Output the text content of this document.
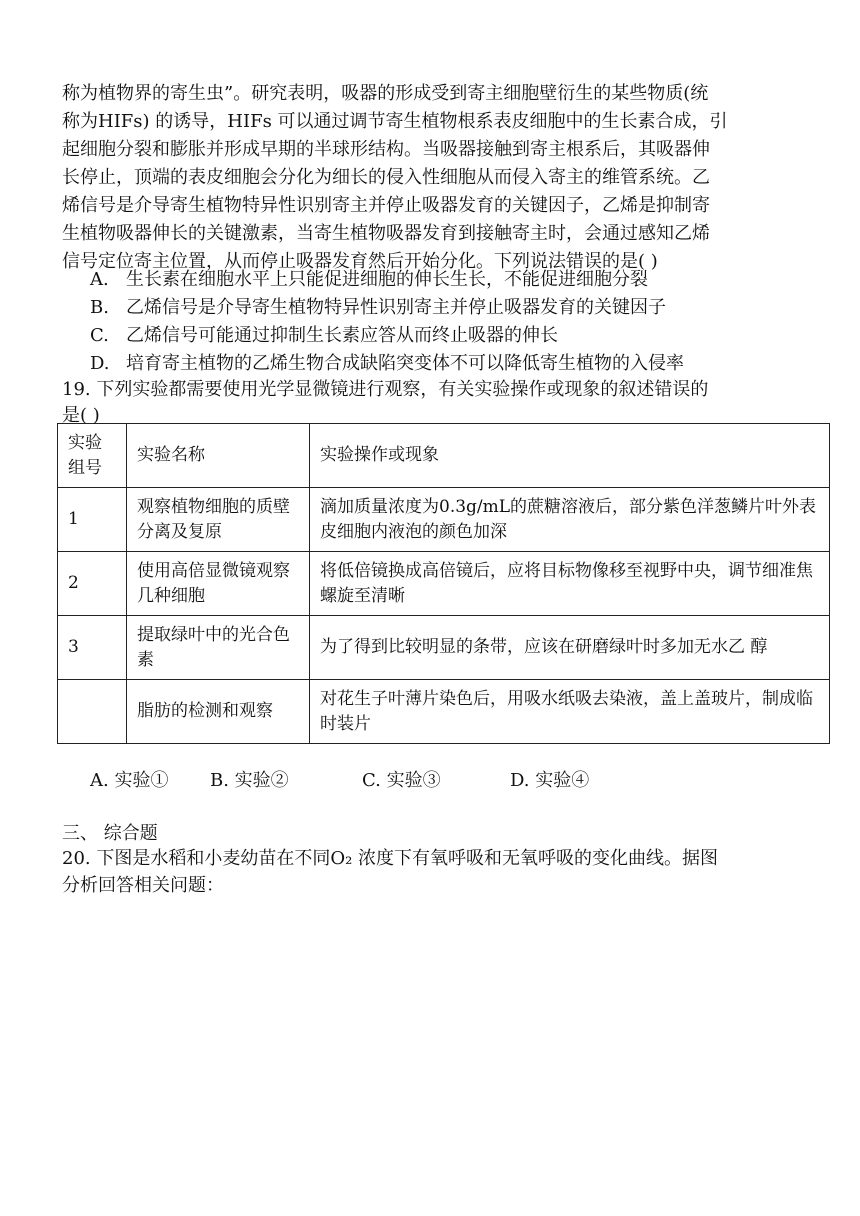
称为植物界的寄生虫”。研究表明，吸器的形成受到寄主细胞壁衍生的某些物质(统
称为HIFs) 的诱导，HIFs 可以通过调节寄生植物根系表皮细胞中的生长素合成，引
起细胞分裂和膨胀并形成早期的半球形结构。当吸器接触到寄主根系后，其吸器伸
长停止，顶端的表皮细胞会分化为细长的侵入性细胞从而侵入寄主的维管系统。乙
烯信号是介导寄生植物特异性识别寄主并停止吸器发育的关键因子，乙烯是抑制寄
生植物吸器伸长的关键激素，当寄生植物吸器发育到接触寄主时，会通过感知乙烯
信号定位寄主位置，从而停止吸器发育然后开始分化。下列说法错误的是( )
A. 生长素在细胞水平上只能促进细胞的伸长生长，不能促进细胞分裂
B. 乙烯信号是介导寄生植物特异性识别寄主并停止吸器发育的关键因子
C. 乙烯信号可能通过抑制生长素应答从而终止吸器的伸长
D. 培育寄主植物的乙烯生物合成缺陷突变体不可以降低寄生植物的入侵率
19. 下列实验都需要使用光学显微镜进行观察，有关实验操作或现象的叙述错误的
是( )
实验组号	实验名称	实验操作或现象
1	观察植物细胞的质壁分离及复原	滴加质量浓度为0.3g/mL的蔗糖溶液后，部分紫色洋葱鳞片叶外表皮细胞内液泡的颜色加深
2	使用高倍显微镜观察几种细胞	将低倍镜换成高倍镜后，应将目标物像移至视野中央，调节细准焦螺旋至清晰
3	提取绿叶中的光合色素	为了得到比较明显的条带，应该在研磨绿叶时多加无水乙 醇
	脂肪的检测和观察	对花生子叶薄片染色后，用吸水纸吸去染液，盖上盖玻片，制成临时装片
A. 实验① B. 实验②	C. 实验③	D. 实验④
三、 综合题
20. 下图是水稻和小麦幼苗在不同O₂ 浓度下有氧呼吸和无氧呼吸的变化曲线。据图
分析回答相关问题：
